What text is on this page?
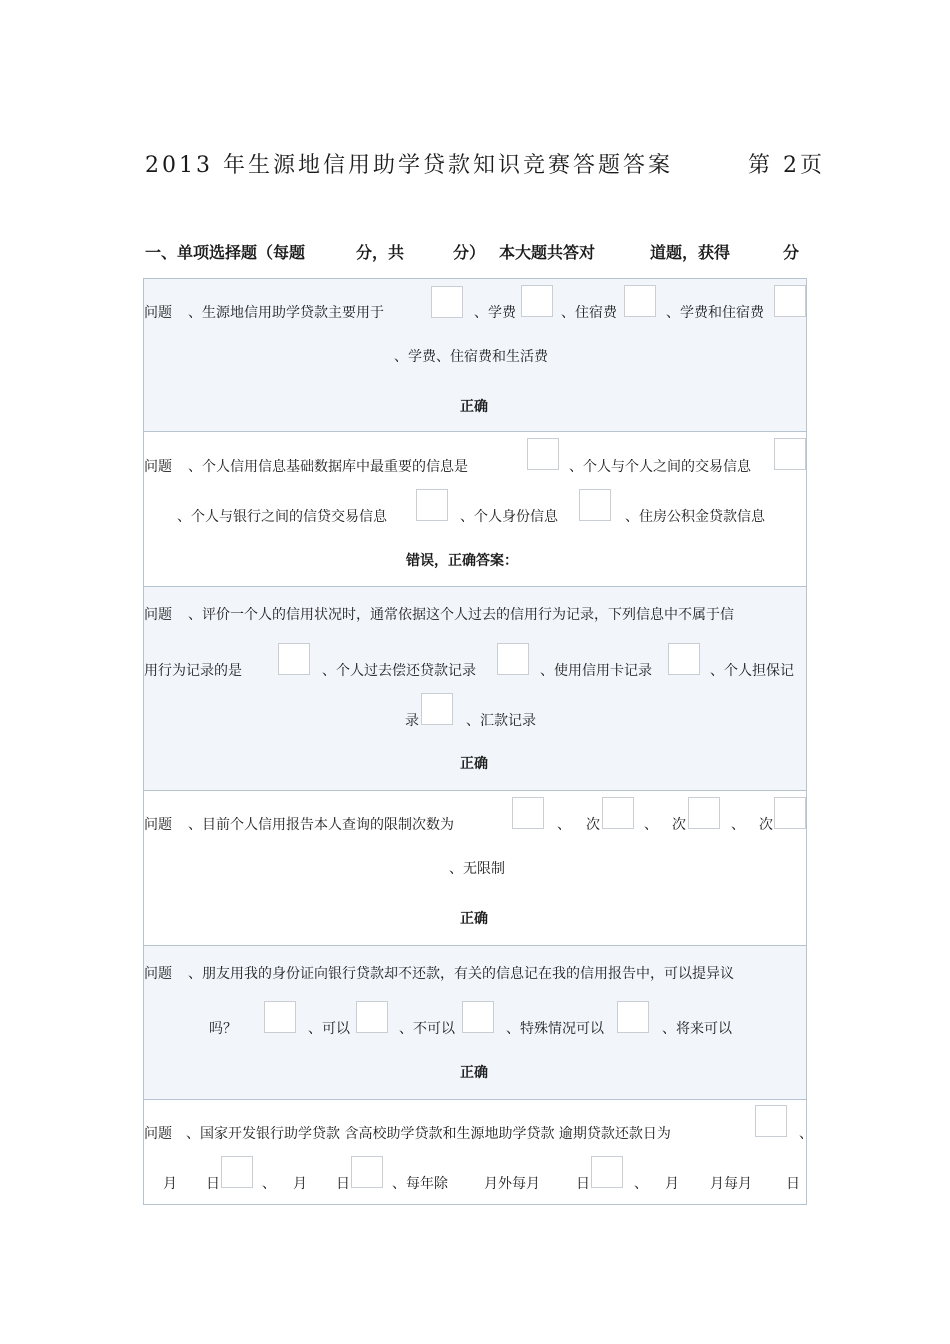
2013 年生源地信用助学贷款知识竞赛答题答案	第 2页
一、单项选择题（每题	分，共	分） 本大题共答对	道题，获得	分
问题 、生源地信用助学贷款主要用于	、学费	、住宿费	、学费和住宿费
、学费、住宿费和生活费
正确
问题 、个人信用信息基础数据库中最重要的信息是	、个人与个人之间的交易信息
、个人与银行之间的信贷交易信息	、个人身份信息	、住房公积金贷款信息
错误，正确答案：
问题 、评价一个人的信用状况时，通常依据这个人过去的信用行为记录，下列信息中不属于信
用行为记录的是	、个人过去偿还贷款记录	、使用信用卡记录	、个人担保记
录	、汇款记录
正确
问题 、目前个人信用报告本人查询的限制次数为	、 次	、 次	、 次
、无限制
正确
问题 、朋友用我的身份证向银行贷款却不还款，有关的信息记在我的信用报告中，可以提异议
吗？	、可以	、不可以	、特殊情况可以	、将来可以
正确
问题 、国家开发银行助学贷款 含高校助学贷款和生源地助学贷款 逾期贷款还款日为	、
月 日	、 月 日	、每年除	月外每月	日	、 月 月每月 日
